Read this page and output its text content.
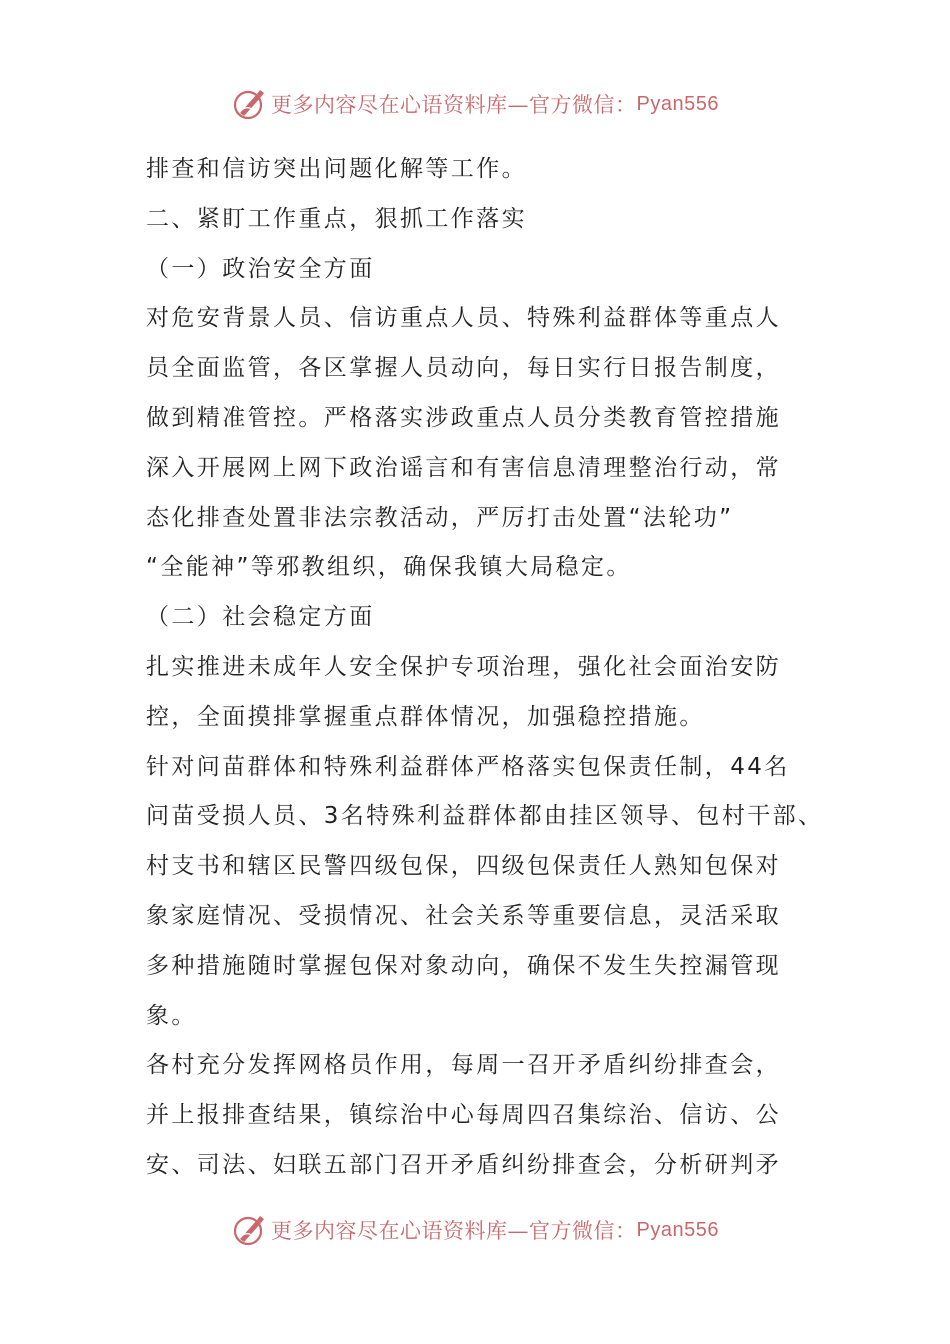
更多内容尽在心语资料库—官方微信： Pyan556
排查和信访突出问题化解等工作。
二、紧盯工作重点，狠抓工作落实
（一）政治安全方面
对危安背景人员、信访重点人员、特殊利益群体等重点人
员全面监管，各区掌握人员动向，每日实行日报告制度，
做到精准管控。严格落实涉政重点人员分类教育管控措施
深入开展网上网下政治谣言和有害信息清理整治行动，常
态化排查处置非法宗教活动，严厉打击处置“法轮功”
“全能神”等邪教组织，确保我镇大局稳定。
（二）社会稳定方面
扎实推进未成年人安全保护专项治理，强化社会面治安防
控，全面摸排掌握重点群体情况，加强稳控措施。
针对问苗群体和特殊利益群体严格落实包保责任制，44名
问苗受损人员、3名特殊利益群体都由挂区领导、包村干部、
村支书和辖区民警四级包保，四级包保责任人熟知包保对
象家庭情况、受损情况、社会关系等重要信息，灵活采取
多种措施随时掌握包保对象动向，确保不发生失控漏管现
象。
各村充分发挥网格员作用，每周一召开矛盾纠纷排查会，
并上报排查结果，镇综治中心每周四召集综治、信访、公
安、司法、妇联五部门召开矛盾纠纷排查会，分析研判矛
更多内容尽在心语资料库—官方微信： Pyan556
